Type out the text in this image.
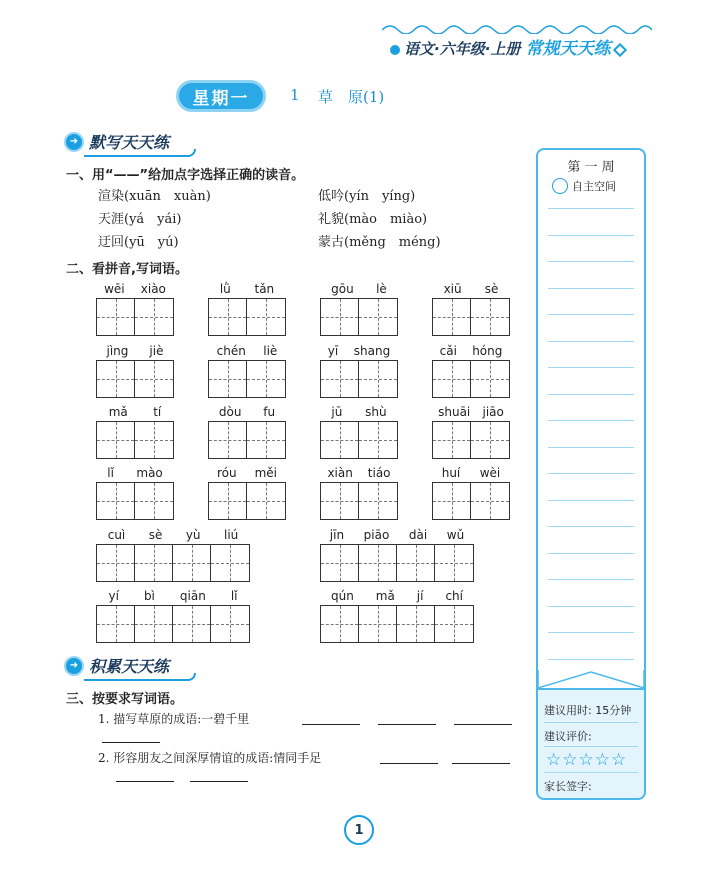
语文·六年级·上册 常规天天练
星期一	1 草　原(1)
➜ 默写天天练
一、用“——”给加点字选择正确的读音。
渲染(xuān　xuàn)	低吟(yín　yíng)
天涯(yá　yái)	礼貌(mào　miào)
迂回(yū　yú)	蒙古(měng　méng)
二、看拼音,写词语。
wēi xiào	lǜ tǎn	gōu lè	xiū sè
jìng jiè	chén liè	yī shang	cǎi hóng
mǎ tí	dòu fu	jū shù	shuāi jiāo
lǐ mào	róu měi	xiàn tiáo	huí wèi
cuì sè yù liú	jīn piāo dài wǔ
yí bì qiān lǐ	qún mǎ jí chí
➜ 积累天天练
三、按要求写词语。
1. 描写草原的成语:一碧千里
2. 形容朋友之间深厚情谊的成语:情同手足
第 一 周
自主空间
建议用时: 15分钟
建议评价:
☆☆☆☆☆
家长签字:
1
